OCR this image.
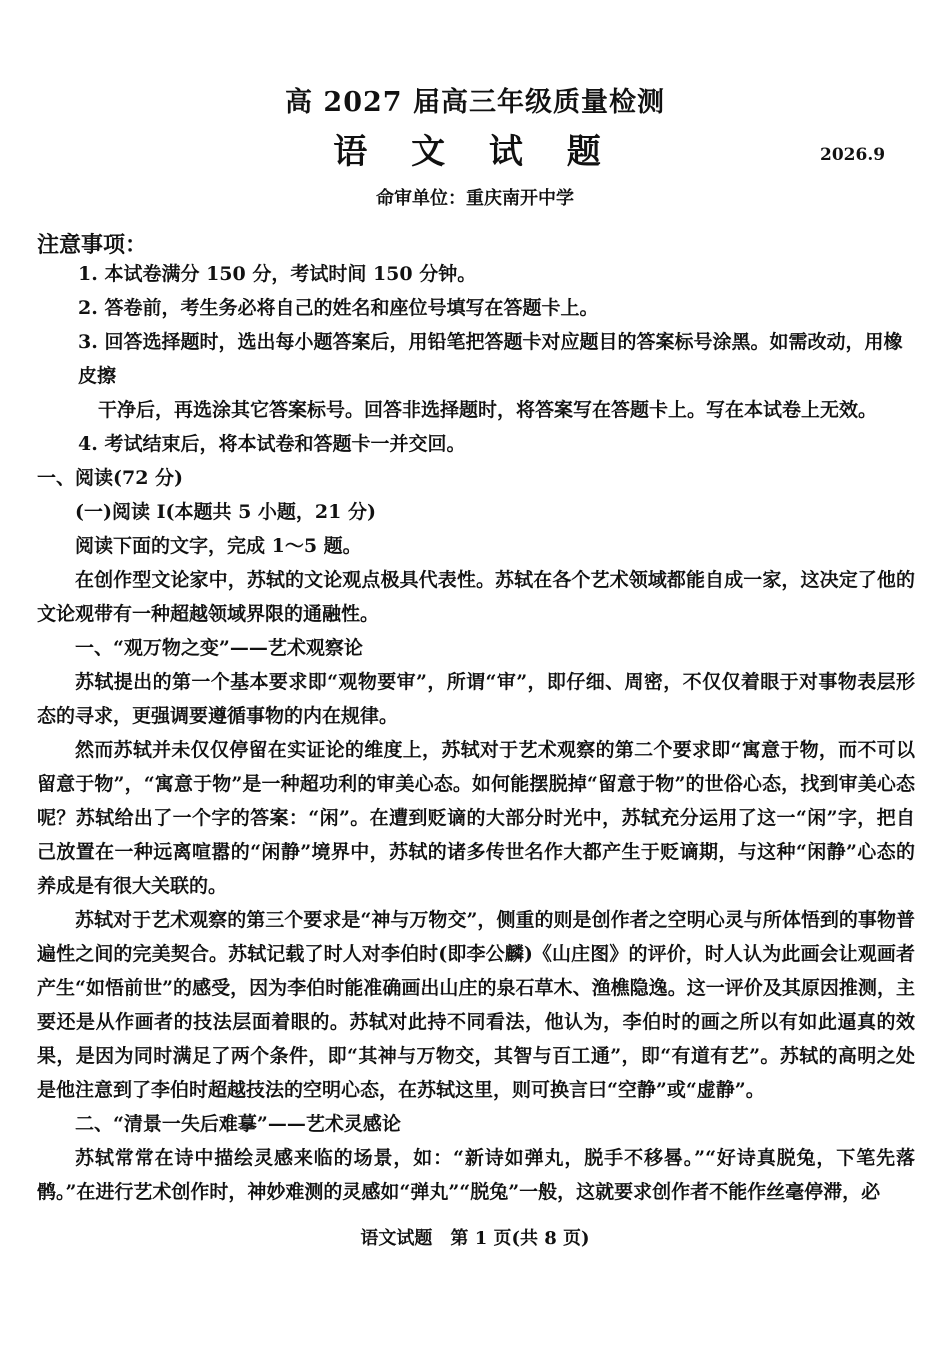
高 2027 届高三年级质量检测
语 文 试 题	2026.9
命审单位：重庆南开中学
注意事项：

1. 本试卷满分 150 分，考试时间 150 分钟。

2. 答卷前，考生务必将自己的姓名和座位号填写在答题卡上。

3. 回答选择题时，选出每小题答案后，用铅笔把答题卡对应题目的答案标号涂黑。如需改动，用橡皮擦

干净后，再选涂其它答案标号。回答非选择题时，将答案写在答题卡上。写在本试卷上无效。

4. 考试结束后，将本试卷和答题卡一并交回。

一、阅读(72 分)

(一)阅读 Ⅰ(本题共 5 小题，21 分)

阅读下面的文字，完成 1～5 题。

在创作型文论家中，苏轼的文论观点极具代表性。苏轼在各个艺术领域都能自成一家，这决定了他的文论观带有一种超越领域界限的通融性。

一、“观万物之变”——艺术观察论

苏轼提出的第一个基本要求即“观物要审”，所谓“审”，即仔细、周密，不仅仅着眼于对事物表层形态的寻求，更强调要遵循事物的内在规律。

然而苏轼并未仅仅停留在实证论的维度上，苏轼对于艺术观察的第二个要求即“寓意于物，而不可以留意于物”，“寓意于物”是一种超功利的审美心态。如何能摆脱掉“留意于物”的世俗心态，找到审美心态呢？苏轼给出了一个字的答案：“闲”。在遭到贬谪的大部分时光中，苏轼充分运用了这一“闲”字，把自己放置在一种远离喧嚣的“闲静”境界中，苏轼的诸多传世名作大都产生于贬谪期，与这种“闲静”心态的养成是有很大关联的。

苏轼对于艺术观察的第三个要求是“神与万物交”，侧重的则是创作者之空明心灵与所体悟到的事物普遍性之间的完美契合。苏轼记载了时人对李伯时(即李公麟)《山庄图》的评价，时人认为此画会让观画者产生“如悟前世”的感受，因为李伯时能准确画出山庄的泉石草木、渔樵隐逸。这一评价及其原因推测，主要还是从作画者的技法层面着眼的。苏轼对此持不同看法，他认为，李伯时的画之所以有如此逼真的效果，是因为同时满足了两个条件，即“其神与万物交，其智与百工通”，即“有道有艺”。苏轼的高明之处是他注意到了李伯时超越技法的空明心态，在苏轼这里，则可换言曰“空静”或“虚静”。

二、“清景一失后难摹”——艺术灵感论

苏轼常常在诗中描绘灵感来临的场景，如：“新诗如弹丸，脱手不移晷。”“好诗真脱兔，下笔先落鹘。”在进行艺术创作时，神妙难测的灵感如“弹丸”“脱兔”一般，这就要求创作者不能作丝毫停滞，必

语文试题　第 1 页(共 8 页)
